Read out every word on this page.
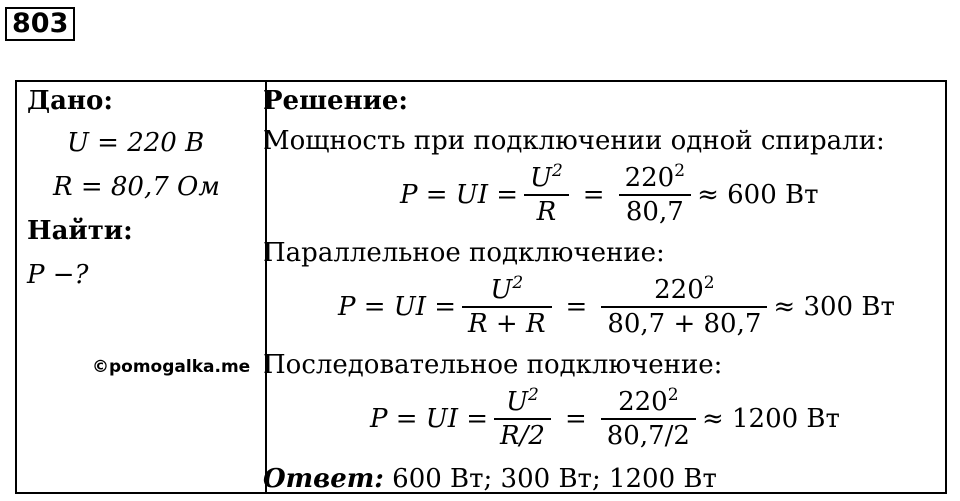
803
Дано:
U = 220 В
R = 80,7 Ом
Найти:
P −?
©pomogalka.me
Решение:
Мощность при подключении одной спирали:
P = UI = $\frac{U^2}{R} = \frac{220^2}{80,7} \approx 600$ Вт
Параллельное подключение:
P = UI = $\frac{U^2}{R + R} = \frac{220^2}{80,7 + 80,7} \approx 300$ Вт
Последовательное подключение:
P = UI = $\frac{U^2}{R/2} = \frac{220^2}{80,7/2} \approx 1200$ Вт
Ответ: 600 Вт; 300 Вт; 1200 Вт
